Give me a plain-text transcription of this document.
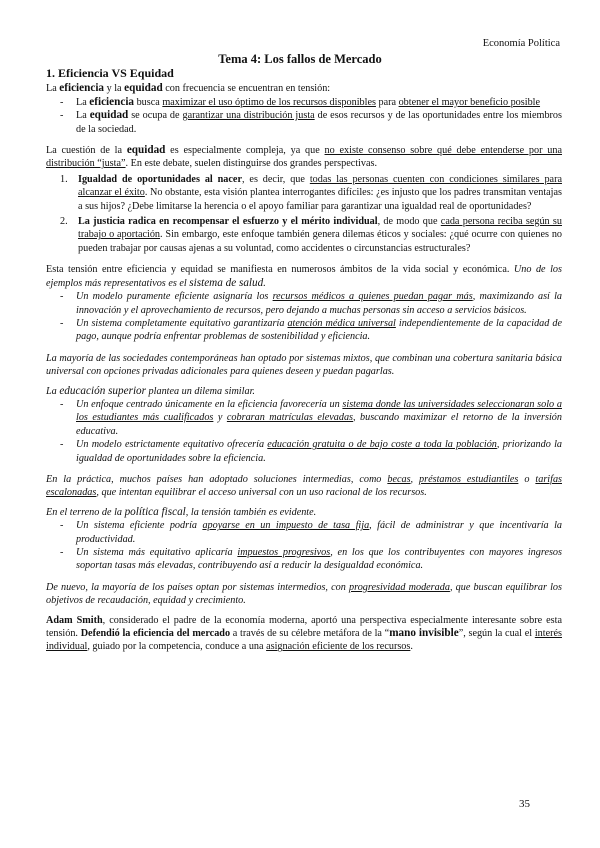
Economía Política
Tema 4: Los fallos de Mercado
1. Eficiencia VS Equidad

La eficiencia y la equidad con frecuencia se encuentran en tensión:

- La eficiencia busca maximizar el uso óptimo de los recursos disponibles para obtener el mayor beneficio posible
- La equidad se ocupa de garantizar una distribución justa de esos recursos y de las oportunidades entre los miembros de la sociedad.

La cuestión de la equidad es especialmente compleja, ya que no existe consenso sobre qué debe entenderse por una distribución “justa”. En este debate, suelen distinguirse dos grandes perspectivas.

1. Igualdad de oportunidades al nacer, es decir, que todas las personas cuenten con condiciones similares para alcanzar el éxito. No obstante, esta visión plantea interrogantes difíciles: ¿es injusto que los padres transmitan ventajas a sus hijos? ¿Debe limitarse la herencia o el apoyo familiar para garantizar una igualdad real de oportunidades?
2. La justicia radica en recompensar el esfuerzo y el mérito individual, de modo que cada persona reciba según su trabajo o aportación. Sin embargo, este enfoque también genera dilemas éticos y sociales: ¿qué ocurre con quienes no pueden trabajar por causas ajenas a su voluntad, como accidentes o circunstancias estructurales?

Esta tensión entre eficiencia y equidad se manifiesta en numerosos ámbitos de la vida social y económica. Uno de los ejemplos más representativos es el sistema de salud.

- Un modelo puramente eficiente asignaría los recursos médicos a quienes puedan pagar más, maximizando así la innovación y el aprovechamiento de recursos, pero dejando a muchas personas sin acceso a servicios básicos.
- Un sistema completamente equitativo garantizaría atención médica universal independientemente de la capacidad de pago, aunque podría enfrentar problemas de sostenibilidad y eficiencia.

La mayoría de las sociedades contemporáneas han optado por sistemas mixtos, que combinan una cobertura sanitaria básica universal con opciones privadas adicionales para quienes deseen y puedan pagarlas.

La educación superior plantea un dilema similar.

- Un enfoque centrado únicamente en la eficiencia favorecería un sistema donde las universidades seleccionaran solo a los estudiantes más cualificados y cobraran matrículas elevadas, buscando maximizar el retorno de la inversión educativa.
- Un modelo estrictamente equitativo ofrecería educación gratuita o de bajo coste a toda la población, priorizando la igualdad de oportunidades sobre la eficiencia.

En la práctica, muchos países han adoptado soluciones intermedias, como becas, préstamos estudiantiles o tarifas escalonadas, que intentan equilibrar el acceso universal con un uso racional de los recursos.

En el terreno de la política fiscal, la tensión también es evidente.

- Un sistema eficiente podría apoyarse en un impuesto de tasa fija, fácil de administrar y que incentivaría la productividad.
- Un sistema más equitativo aplicaría impuestos progresivos, en los que los contribuyentes con mayores ingresos soportan tasas más elevadas, contribuyendo así a reducir la desigualdad económica.

De nuevo, la mayoría de los países optan por sistemas intermedios, con progresividad moderada, que buscan equilibrar los objetivos de recaudación, equidad y crecimiento.

Adam Smith, considerado el padre de la economía moderna, aportó una perspectiva especialmente interesante sobre esta tensión. Defendió la eficiencia del mercado a través de su célebre metáfora de la “mano invisible”, según la cual el interés individual, guiado por la competencia, conduce a una asignación eficiente de los recursos.

35
